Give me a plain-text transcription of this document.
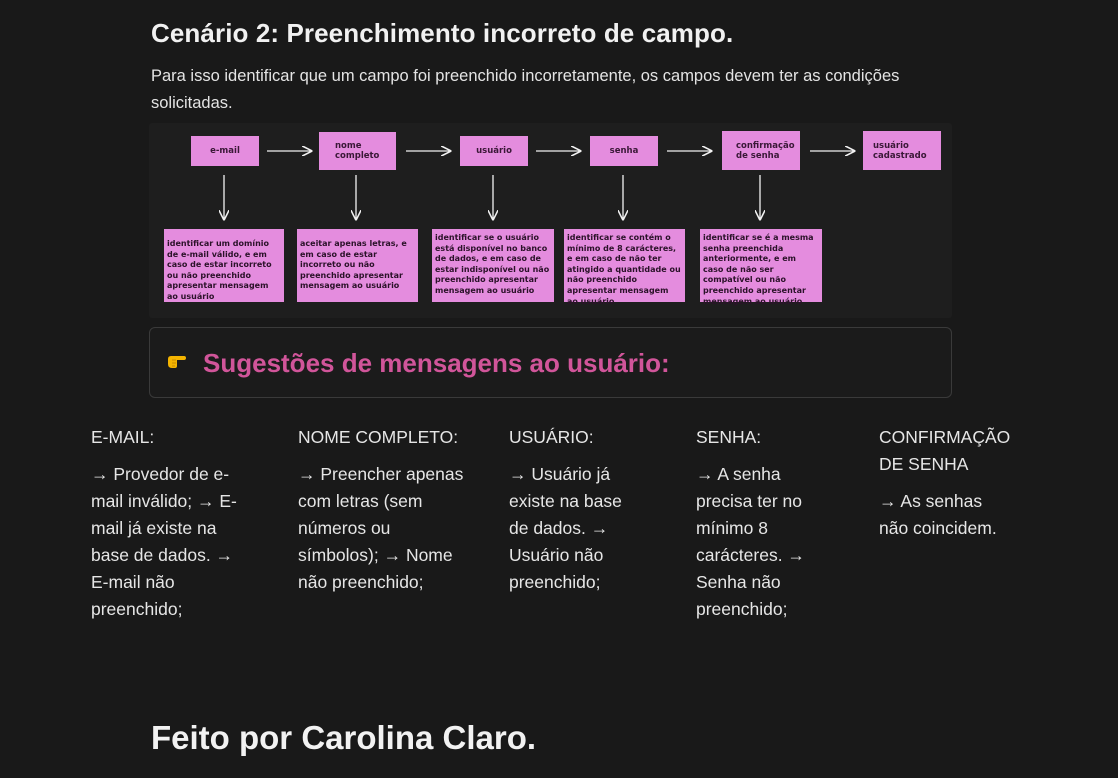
Cenário 2: Preenchimento incorreto de campo.

Para isso identificar que um campo foi preenchido incorretamente, os campos devem ter as condições solicitadas.

e-mail	nome completo	usuário	senha
confirmação de senha
usuário cadastrado
identificar um domínio de e-mail válido, e em caso de estar incorreto ou não preenchido apresentar mensagem ao usuário
aceitar apenas letras, e em caso de estar incorreto ou não preenchido apresentar mensagem ao usuário
identificar se o usuário está disponível no banco de dados, e em caso de estar indisponível ou não preenchido apresentar mensagem ao usuário
identificar se contém o mínimo de 8 carácteres, e em caso de não ter atingido a quantidade ou não preenchido apresentar mensagem ao usuário
identificar se é a mesma senha preenchida anteriormente, e em caso de não ser compatível ou não preenchido apresentar mensagem ao usuário
Sugestões de mensagens ao usuário:
E-MAIL:
→ Provedor de e-mail inválido; → E-mail já existe na base de dados. → E-mail não preenchido;
NOME COMPLETO:
→ Preencher apenas com letras (sem números ou símbolos); → Nome não preenchido;
USUÁRIO:
→ Usuário já existe na base de dados. → Usuário não preenchido;
SENHA:
→ A senha precisa ter no mínimo 8 carácteres. → Senha não preenchido;
CONFIRMAÇÃO DE SENHA
→ As senhas não coincidem.
Feito por Carolina Claro.
